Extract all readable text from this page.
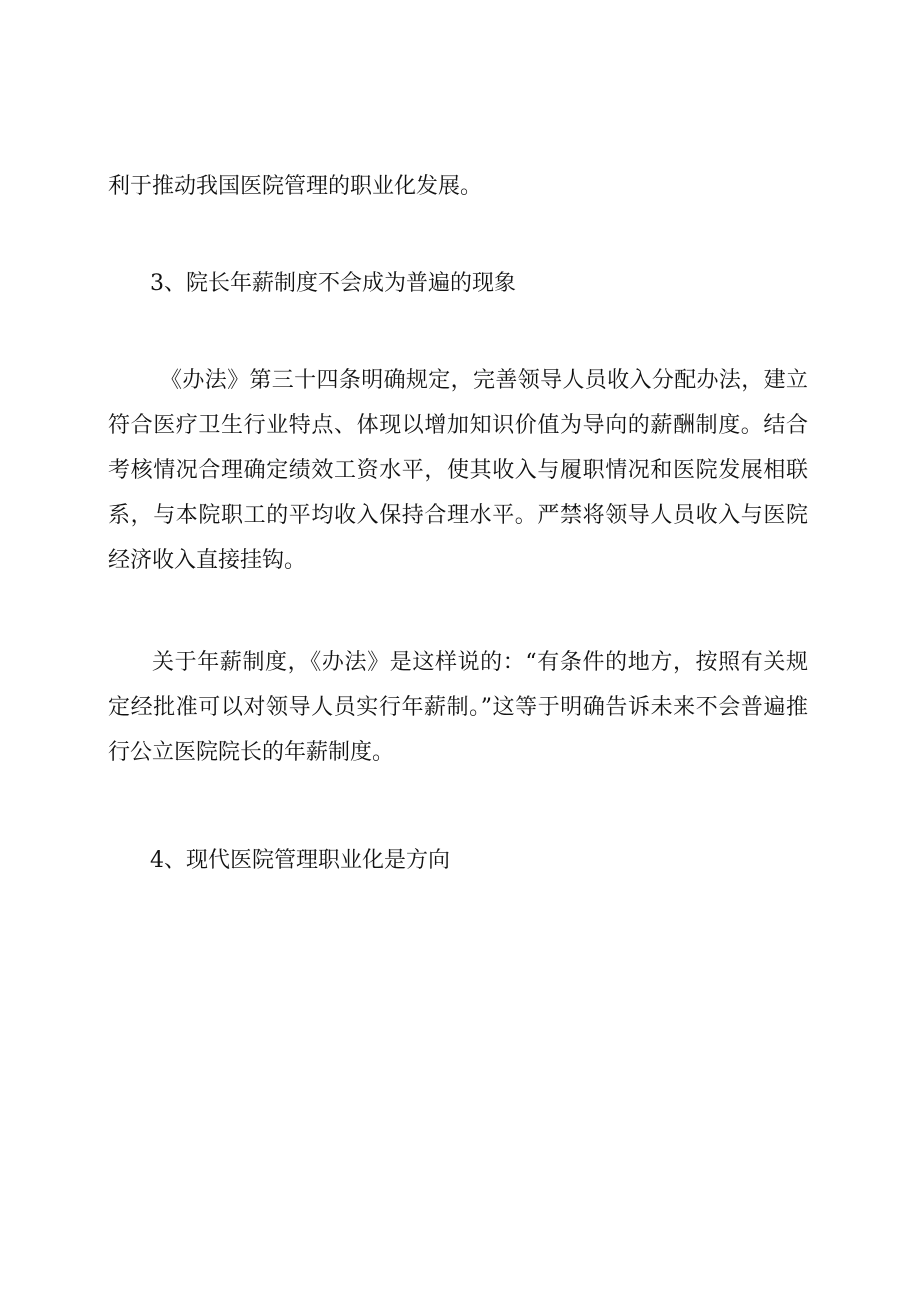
利于推动我国医院管理的职业化发展。
3、院长年薪制度不会成为普遍的现象
《办法》第三十四条明确规定，完善领导人员收入分配办法，建立符合医疗卫生行业特点、体现以增加知识价值为导向的薪酬制度。结合考核情况合理确定绩效工资水平，使其收入与履职情况和医院发展相联系，与本院职工的平均收入保持合理水平。严禁将领导人员收入与医院经济收入直接挂钩。
关于年薪制度，《办法》是这样说的：“有条件的地方，按照有关规定经批准可以对领导人员实行年薪制。”这等于明确告诉未来不会普遍推行公立医院院长的年薪制度。
4、现代医院管理职业化是方向
